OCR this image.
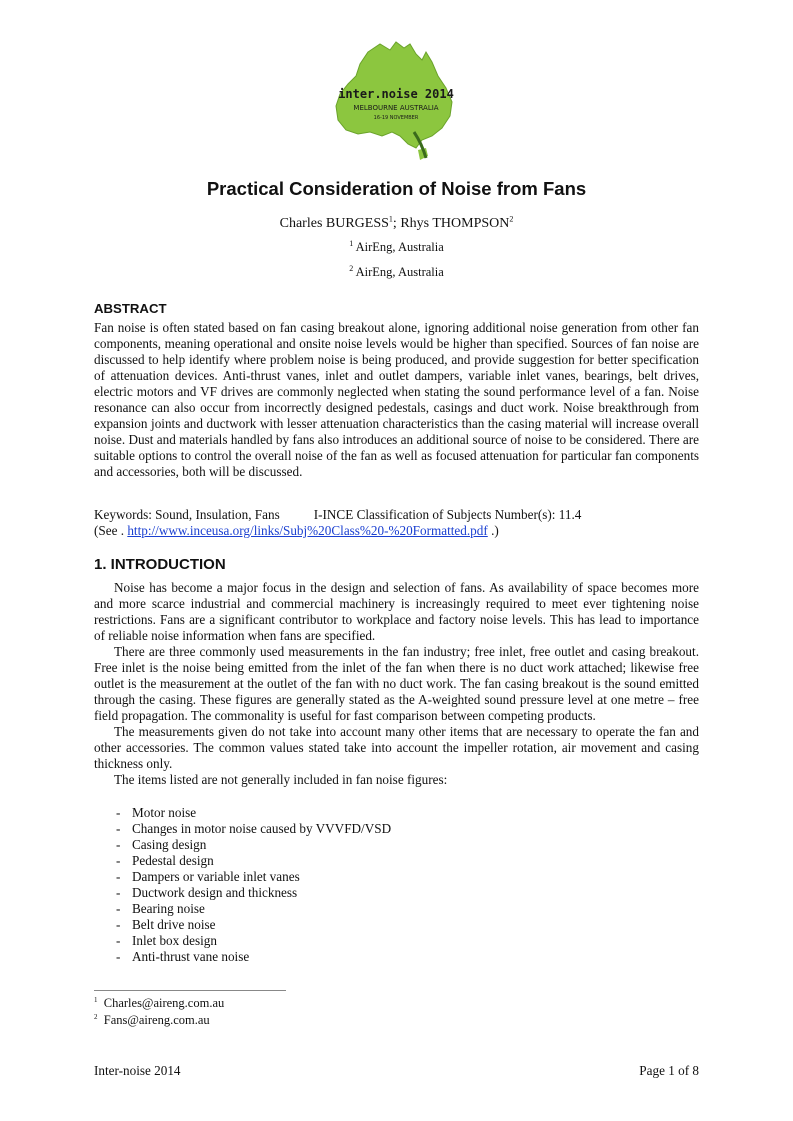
inter.noise 2014
MELBOURNE AUSTRALIA
16-19 NOVEMBER
Practical Consideration of Noise from Fans
Charles BURGESS$^1$; Rhys THOMPSON$^2$
$^1$ AirEng, Australia
$^2$ AirEng, Australia
ABSTRACT

Fan noise is often stated based on fan casing breakout alone, ignoring additional noise generation from other fan components, meaning operational and onsite noise levels would be higher than specified. Sources of fan noise are discussed to help identify where problem noise is being produced, and provide suggestion for better specification of attenuation devices. Anti-thrust vanes, inlet and outlet dampers, variable inlet vanes, bearings, belt drives, electric motors and VF drives are commonly neglected when stating the sound performance level of a fan. Noise resonance can also occur from incorrectly designed pedestals, casings and duct work. Noise breakthrough from expansion joints and ductwork with lesser attenuation characteristics than the casing material will increase overall noise. Dust and materials handled by fans also introduces an additional source of noise to be considered. There are suitable options to control the overall noise of the fan as well as focused attenuation for particular fan components and accessories, both will be discussed.

Keywords: Sound, Insulation, Fans	I-INCE Classification of Subjects Number(s): 11.4
(See . http://www.inceusa.org/links/Subj%20Class%20-%20Formatted.pdf .)
1. INTRODUCTION

Noise has become a major focus in the design and selection of fans. As availability of space becomes more and more scarce industrial and commercial machinery is increasingly required to meet ever tightening noise restrictions. Fans are a significant contributor to workplace and factory noise levels. This has lead to importance of reliable noise information when fans are specified.

There are three commonly used measurements in the fan industry; free inlet, free outlet and casing breakout. Free inlet is the noise being emitted from the inlet of the fan when there is no duct work attached; likewise free outlet is the measurement at the outlet of the fan with no duct work. The fan casing breakout is the sound emitted through the casing. These figures are generally stated as the A-weighted sound pressure level at one metre – free field propagation. The commonality is useful for fast comparison between competing products.

The measurements given do not take into account many other items that are necessary to operate the fan and other accessories. The common values stated take into account the impeller rotation, air movement and casing thickness only.

The items listed are not generally included in fan noise figures:

- Motor noise
- Changes in motor noise caused by VVVFD/VSD
- Casing design
- Pedestal design
- Dampers or variable inlet vanes
- Ductwork design and thickness
- Bearing noise
- Belt drive noise
- Inlet box design
- Anti-thrust vane noise
$^1$ Charles@aireng.com.au
$^2$ Fans@aireng.com.au
Inter-noise 2014	Page 1 of 8
